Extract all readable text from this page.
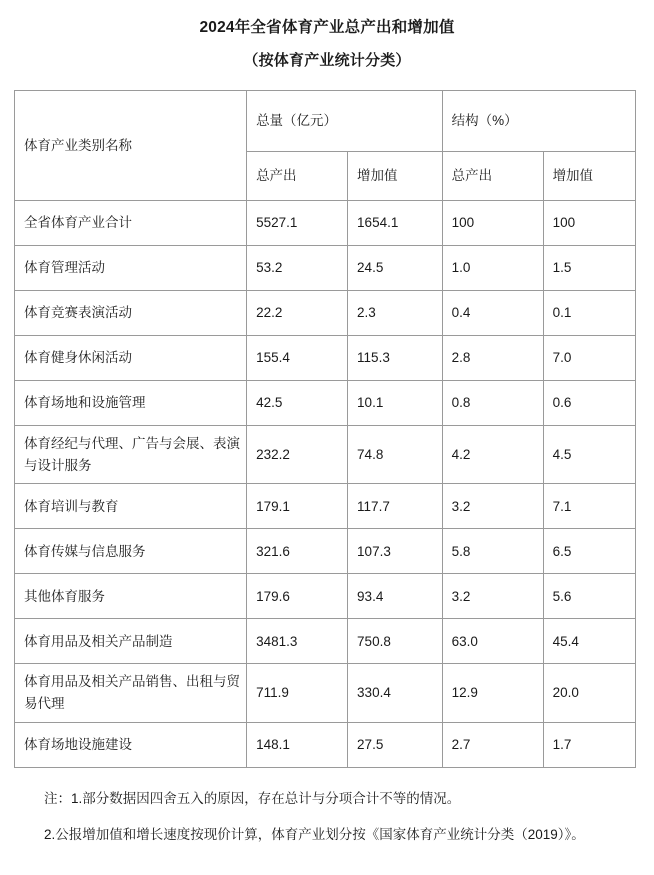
2024年全省体育产业总产出和增加值
（按体育产业统计分类）
体育产业类别名称	总量（亿元）		结构（%）	
	总产出	增加值	总产出	增加值
全省体育产业合计	5527.1	1654.1	100	100
体育管理活动	53.2	24.5	1.0	1.5
体育竞赛表演活动	22.2	2.3	0.4	0.1
体育健身休闲活动	155.4	115.3	2.8	7.0
体育场地和设施管理	42.5	10.1	0.8	0.6
体育经纪与代理、广告与会展、表演与设计服务	232.2	74.8	4.2	4.5
体育培训与教育	179.1	117.7	3.2	7.1
体育传媒与信息服务	321.6	107.3	5.8	6.5
其他体育服务	179.6	93.4	3.2	5.6
体育用品及相关产品制造	3481.3	750.8	63.0	45.4
体育用品及相关产品销售、出租与贸易代理	711.9	330.4	12.9	20.0
体育场地设施建设	148.1	27.5	2.7	1.7
注：1.部分数据因四舍五入的原因，存在总计与分项合计不等的情况。
2.公报增加值和增长速度按现价计算，体育产业划分按《国家体育产业统计分类（2019）》。
